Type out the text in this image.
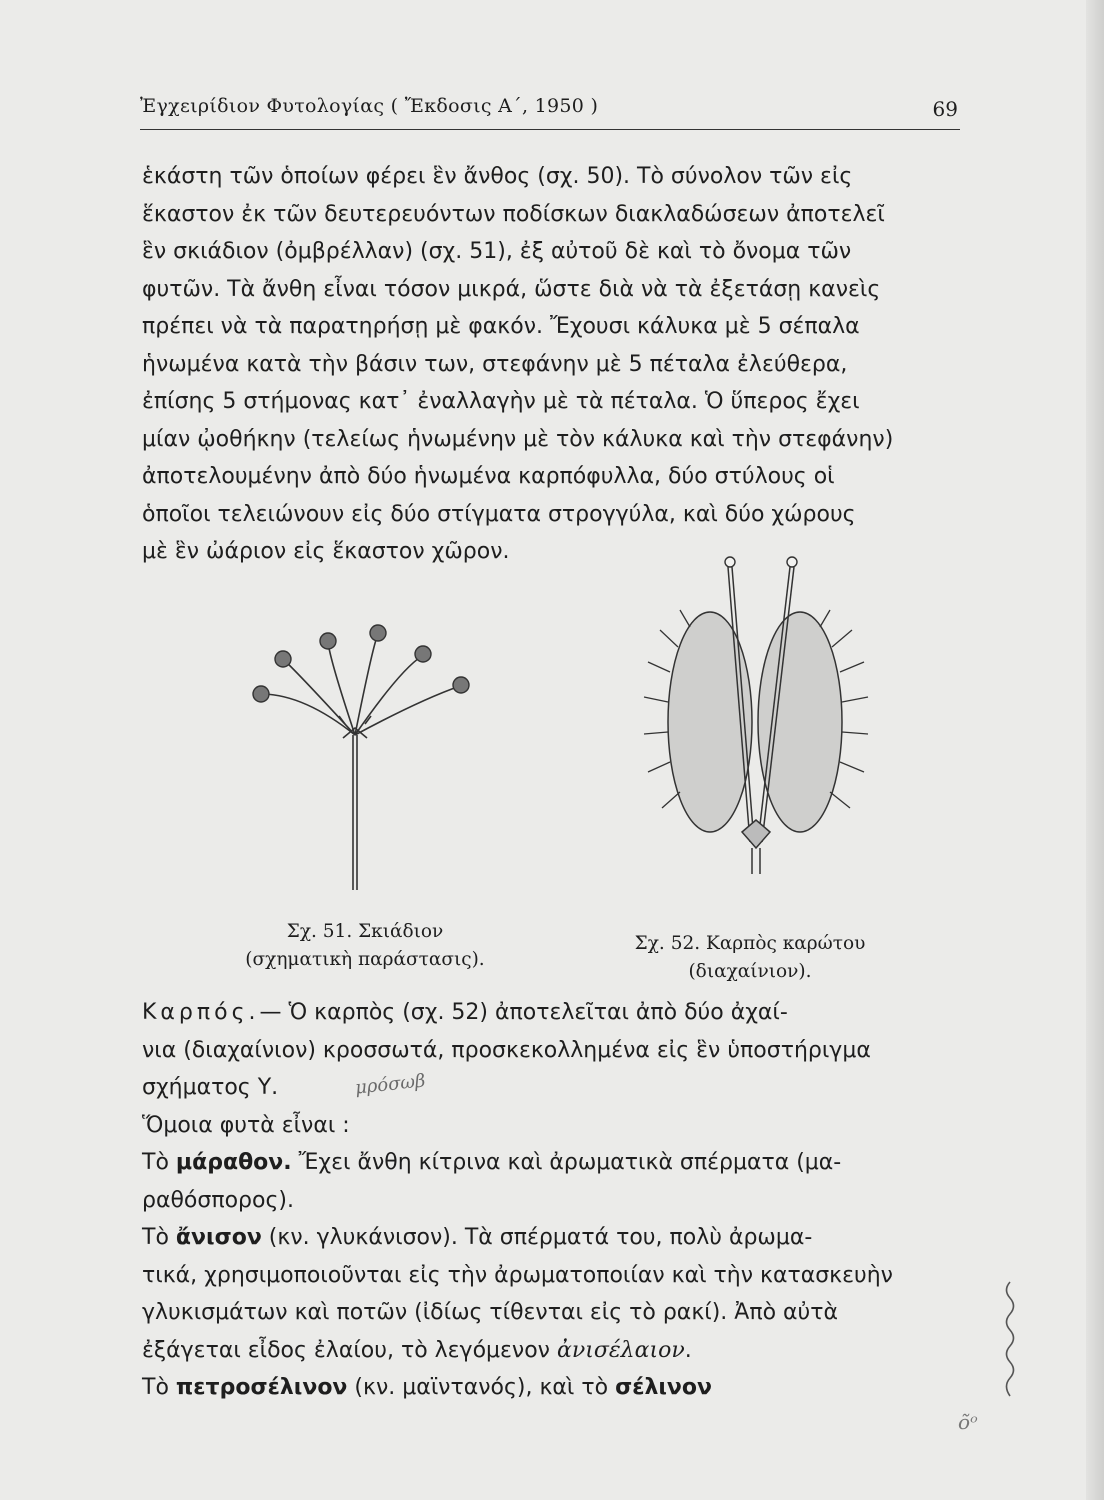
Ἐγχειρίδιον Φυτολογίας ( Ἔκδοσις Α΄, 1950 )	69
ἑκάστη τῶν ὁποίων φέρει ἓν ἄνθος (σχ. 50). Τὸ σύνολον τῶν εἰς
ἕκαστον ἐκ τῶν δευτερευόντων ποδίσκων διακλαδώσεων ἀποτελεῖ
ἓν σκιάδιον (ὀμβρέλλαν) (σχ. 51), ἐξ αὐτοῦ δὲ καὶ τὸ ὄνομα τῶν
φυτῶν. Τὰ ἄνθη εἶναι τόσον μικρά, ὥστε διὰ νὰ τὰ ἐξετάσῃ κανεὶς
πρέπει νὰ τὰ παρατηρήσῃ μὲ φακόν. Ἔχουσι κάλυκα μὲ 5 σέπαλα
ἡνωμένα κατὰ τὴν βάσιν των, στεφάνην μὲ 5 πέταλα ἐλεύθερα,
ἐπίσης 5 στήμονας κατ᾿ ἐναλλαγὴν μὲ τὰ πέταλα. Ὁ ὕπερος ἔχει
μίαν ᾠοθήκην (τελείως ἡνωμένην μὲ τὸν κάλυκα καὶ τὴν στεφάνην)
ἀποτελουμένην ἀπὸ δύο ἡνωμένα καρπόφυλλα, δύο στύλους οἱ
ὁποῖοι τελειώνουν εἰς δύο στίγματα στρογγύλα, καὶ δύο χώρους
μὲ ἓν ὠάριον εἰς ἕκαστον χῶρον.
Σχ. 51. Σκιάδιον
(σχηματικὴ παράστασις).
Σχ. 52. Καρπὸς καρώτου
(διαχαίνιον).
Καρπός.— Ὁ καρπὸς (σχ. 52) ἀποτελεῖται ἀπὸ δύο ἀχαί-
νια (διαχαίνιον) κροσσωτά, προσκεκολλημένα εἰς ἓν ὑποστήριγμα
σχήματος Υ.
Ὅμοια φυτὰ εἶναι :
Τὸ μάραθον. Ἔχει ἄνθη κίτρινα καὶ ἀρωματικὰ σπέρματα (μα-
ραθόσπορος).
Τὸ ἄνισον (κν. γλυκάνισον). Τὰ σπέρματά του, πολὺ ἀρωμα-
τικά, χρησιμοποιοῦνται εἰς τὴν ἀρωματοποιίαν καὶ τὴν κατασκευὴν
γλυκισμάτων καὶ ποτῶν (ἰδίως τίθενται εἰς τὸ ρακί). Ἀπὸ αὐτὰ
ἐξάγεται εἶδος ἐλαίου, τὸ λεγόμενον ἀνισέλαιον.
Τὸ πετροσέλινον (κν. μαϊντανός), καὶ τὸ σέλινον
μρόσωβ
ο̃ᵒ
